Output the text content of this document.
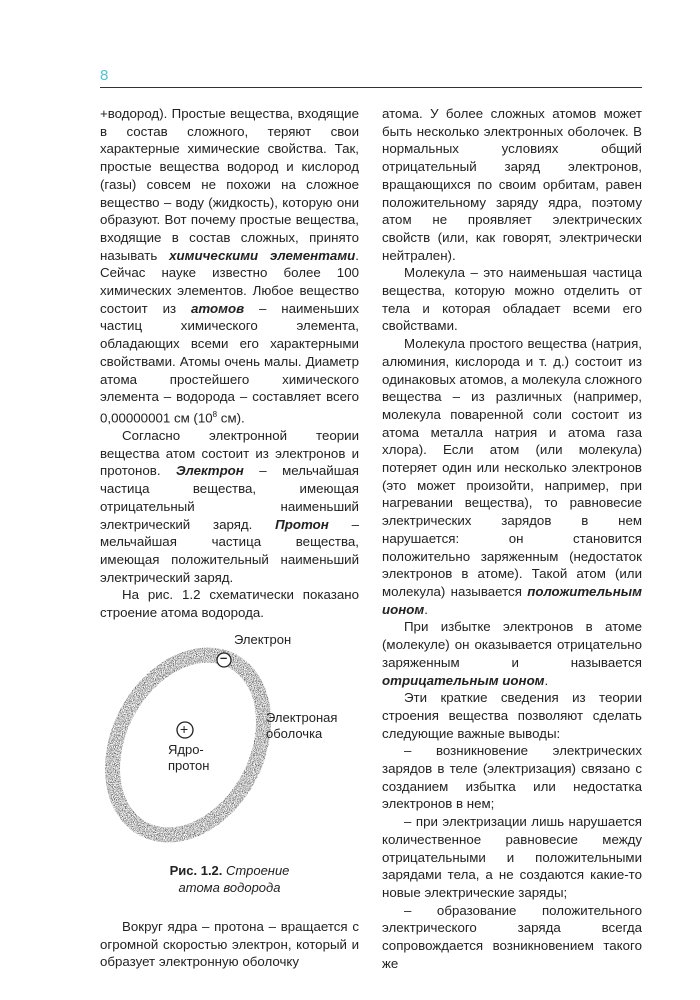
8

+водород). Простые вещества, входящие в состав сложного, теряют свои характерные химические свойства. Так, простые вещества водород и кислород (газы) совсем не похожи на сложное вещество – воду (жидкость), которую они образуют. Вот почему простые вещества, входящие в состав сложных, принято называть химическими элементами. Сейчас науке известно более 100 химических элементов. Любое вещество состоит из атомов – наименьших частиц химического элемента, обладающих всеми его характерными свойствами. Атомы очень малы. Диаметр атома простейшего химического элемента – водорода – составляет всего 0,00000001 см ($10^8$ см).

Согласно электронной теории вещества атом состоит из электронов и протонов. Электрон – мельчайшая частица вещества, имеющая отрицательный наименьший электрический заряд. Протон – мельчайшая частица вещества, имеющая положительный наименьший электрический заряд.

На рис. 1.2 схематически показано строение атома водорода.

–
+
Электрон
Электроная
оболочка
Ядро-
протон
Рис. 1.2. Строение
атома водорода

Вокруг ядра – протона – вращается с огромной скоростью электрон, который и образует электронную оболочку

атома. У более сложных атомов может быть несколько электронных оболочек. В нормальных условиях общий отрицательный заряд электронов, вращающихся по своим орбитам, равен положительному заряду ядра, поэтому атом не проявляет электрических свойств (или, как говорят, электрически нейтрален).

Молекула – это наименьшая частица вещества, которую можно отделить от тела и которая обладает всеми его свойствами.

Молекула простого вещества (натрия, алюминия, кислорода и т. д.) состоит из одинаковых атомов, а молекула сложного вещества – из различных (например, молекула поваренной соли состоит из атома металла натрия и атома газа хлора). Если атом (или молекула) потеряет один или несколько электронов (это может произойти, например, при нагревании вещества), то равновесие электрических зарядов в нем нарушается: он становится положительно заряженным (недостаток электронов в атоме). Такой атом (или молекула) называется положительным ионом.

При избытке электронов в атоме (молекуле) он оказывается отрицательно заряженным и называется отрицательным ионом.

Эти краткие сведения из теории строения вещества позволяют сделать следующие важные выводы:

– возникновение электрических зарядов в теле (электризация) связано с созданием избытка или недостатка электронов в нем;

– при электризации лишь нарушается количественное равновесие между отрицательными и положительными зарядами тела, а не создаются какие-то новые электрические заряды;

– образование положительного электрического заряда всегда сопровождается возникновением такого же
